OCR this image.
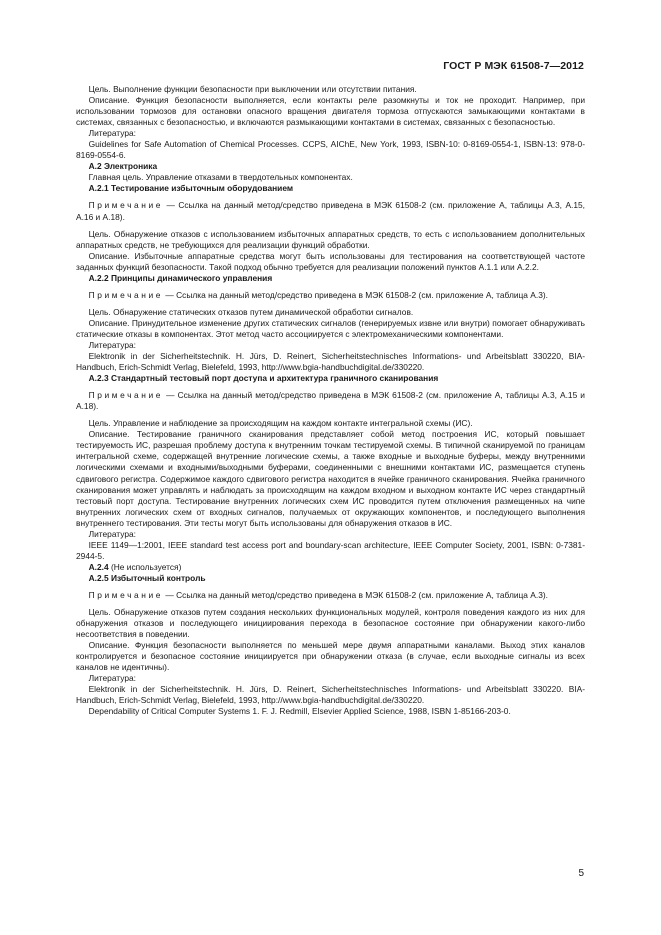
ГОСТ Р МЭК 61508-7—2012

Цель. Выполнение функции безопасности при выключении или отсутствии питания.

Описание. Функция безопасности выполняется, если контакты реле разомкнуты и ток не проходит. Например, при использовании тормозов для остановки опасного вращения двигателя тормоза отпускаются замыкающими контактами в системах, связанных с безопасностью, и включаются размыкающими контактами в системах, связанных с безопасностью.

Литература:

Guidelines for Safe Automation of Chemical Processes. CCPS, AIChE, New York, 1993, ISBN-10: 0-8169-0554-1, ISBN-13: 978-0-8169-0554-6.

А.2 Электроника

Главная цель. Управление отказами в твердотельных компонентах.

А.2.1 Тестирование избыточным оборудованием

Примечание — Ссылка на данный метод/средство приведена в МЭК 61508-2 (см. приложение А, таблицы А.3, А.15, А.16 и А.18).

Цель. Обнаружение отказов с использованием избыточных аппаратных средств, то есть с использованием дополнительных аппаратных средств, не требующихся для реализации функций обработки.

Описание. Избыточные аппаратные средства могут быть использованы для тестирования на соответствующей частоте заданных функций безопасности. Такой подход обычно требуется для реализации положений пунктов А.1.1 или А.2.2.

А.2.2 Принципы динамического управления

Примечание — Ссылка на данный метод/средство приведена в МЭК 61508-2 (см. приложение А, таблица А.3).

Цель. Обнаружение статических отказов путем динамической обработки сигналов.

Описание. Принудительное изменение других статических сигналов (генерируемых извне или внутри) помогает обнаруживать статические отказы в компонентах. Этот метод часто ассоциируется с электромеханическими компонентами.

Литература:

Elektronik in der Sicherheitstechnik. H. Jürs, D. Reinert, Sicherheitstechnisches Informations- und Arbeitsblatt 330220, BIA-Handbuch, Erich-Schmidt Verlag, Bielefeld, 1993, http://www.bgia-handbuchdigital.de/330220.

А.2.3 Стандартный тестовый порт доступа и архитектура граничного сканирования

Примечание — Ссылка на данный метод/средство приведена в МЭК 61508-2 (см. приложение А, таблицы А.3, А.15 и А.18).

Цель. Управление и наблюдение за происходящим на каждом контакте интегральной схемы (ИС).

Описание. Тестирование граничного сканирования представляет собой метод построения ИС, который повышает тестируемость ИС, разрешая проблему доступа к внутренним точкам тестируемой схемы. В типичной сканируемой по границам интегральной схеме, содержащей внутренние логические схемы, а также входные и выходные буферы, между внутренними логическими схемами и входными/выходными буферами, соединенными с внешними контактами ИС, размещается ступень сдвигового регистра. Содержимое каждого сдвигового регистра находится в ячейке граничного сканирования. Ячейка граничного сканирования может управлять и наблюдать за происходящим на каждом входном и выходном контакте ИС через стандартный тестовый порт доступа. Тестирование внутренних логических схем ИС проводится путем отключения размещенных на чипе внутренних логических схем от входных сигналов, получаемых от окружающих компонентов, и последующего выполнения внутреннего тестирования. Эти тесты могут быть использованы для обнаружения отказов в ИС.

Литература:

IEEE 1149—1:2001, IEEE standard test access port and boundary-scan architecture, IEEE Computer Society, 2001, ISBN: 0-7381-2944-5.

А.2.4 (Не используется)

А.2.5 Избыточный контроль

Примечание — Ссылка на данный метод/средство приведена в МЭК 61508-2 (см. приложение А, таблица А.3).

Цель. Обнаружение отказов путем создания нескольких функциональных модулей, контроля поведения каждого из них для обнаружения отказов и последующего инициирования перехода в безопасное состояние при обнаружении какого-либо несоответствия в поведении.

Описание. Функция безопасности выполняется по меньшей мере двумя аппаратными каналами. Выход этих каналов контролируется и безопасное состояние инициируется при обнаружении отказа (в случае, если выходные сигналы из всех каналов не идентичны).

Литература:

Elektronik in der Sicherheitstechnik. H. Jürs, D. Reinert, Sicherheitstechnisches Informations- und Arbeitsblatt 330220. BIA-Handbuch, Erich-Schmidt Verlag, Bielefeld, 1993, http://www.bgia-handbuchdigital.de/330220.

Dependability of Critical Computer Systems 1. F. J. Redmill, Elsevier Applied Science, 1988, ISBN 1-85166-203-0.

5
